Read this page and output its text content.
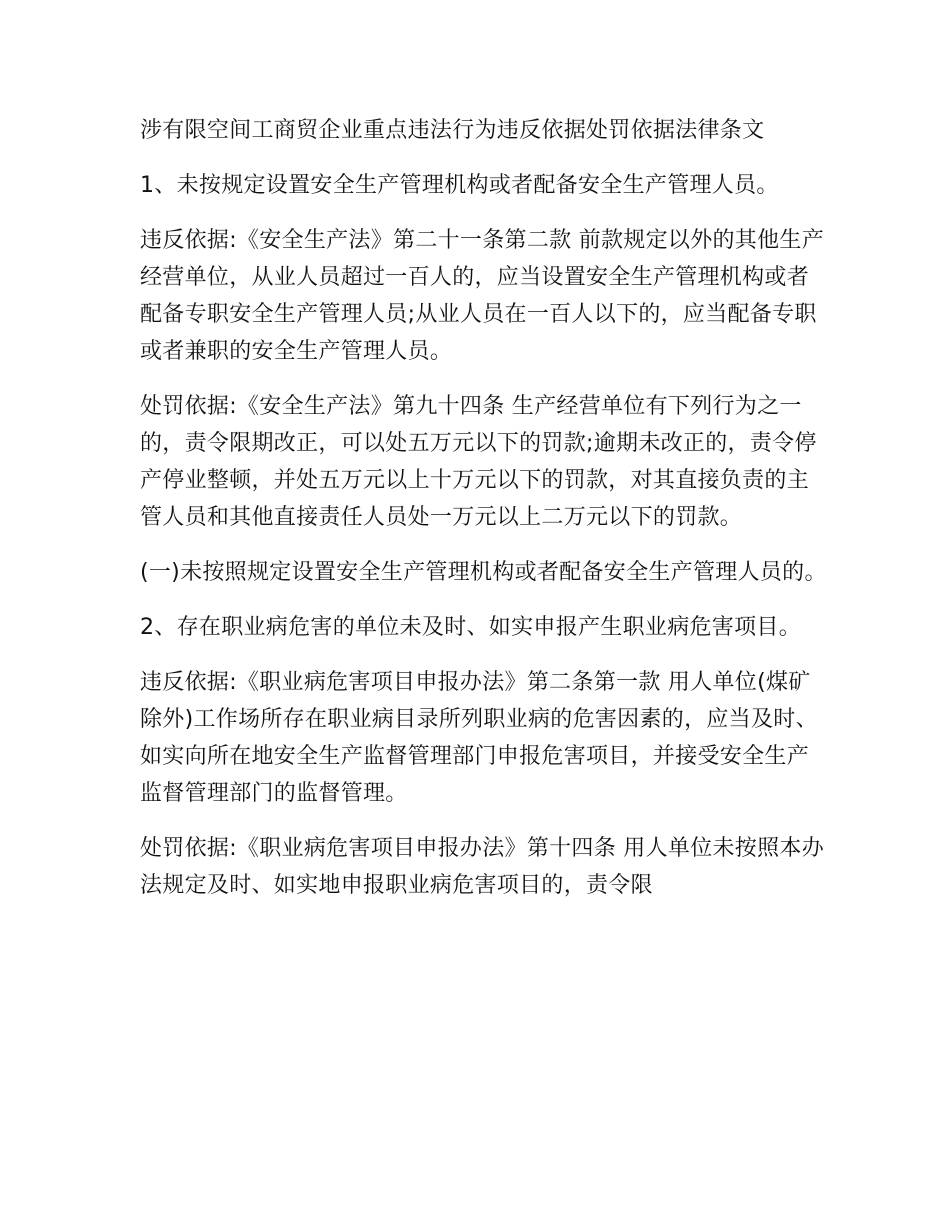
涉有限空间工商贸企业重点违法行为违反依据处罚依据法律条文

1、未按规定设置安全生产管理机构或者配备安全生产管理人员。

违反依据:《安全生产法》第二十一条第二款 前款规定以外的其他生产经营单位，从业人员超过一百人的，应当设置安全生产管理机构或者配备专职安全生产管理人员;从业人员在一百人以下的，应当配备专职或者兼职的安全生产管理人员。

处罚依据:《安全生产法》第九十四条 生产经营单位有下列行为之一的，责令限期改正，可以处五万元以下的罚款;逾期未改正的，责令停产停业整顿，并处五万元以上十万元以下的罚款，对其直接负责的主管人员和其他直接责任人员处一万元以上二万元以下的罚款。

(一)未按照规定设置安全生产管理机构或者配备安全生产管理人员的。

2、存在职业病危害的单位未及时、如实申报产生职业病危害项目。

违反依据:《职业病危害项目申报办法》第二条第一款 用人单位(煤矿除外)工作场所存在职业病目录所列职业病的危害因素的，应当及时、如实向所在地安全生产监督管理部门申报危害项目，并接受安全生产监督管理部门的监督管理。

处罚依据:《职业病危害项目申报办法》第十四条 用人单位未按照本办法规定及时、如实地申报职业病危害项目的，责令限
